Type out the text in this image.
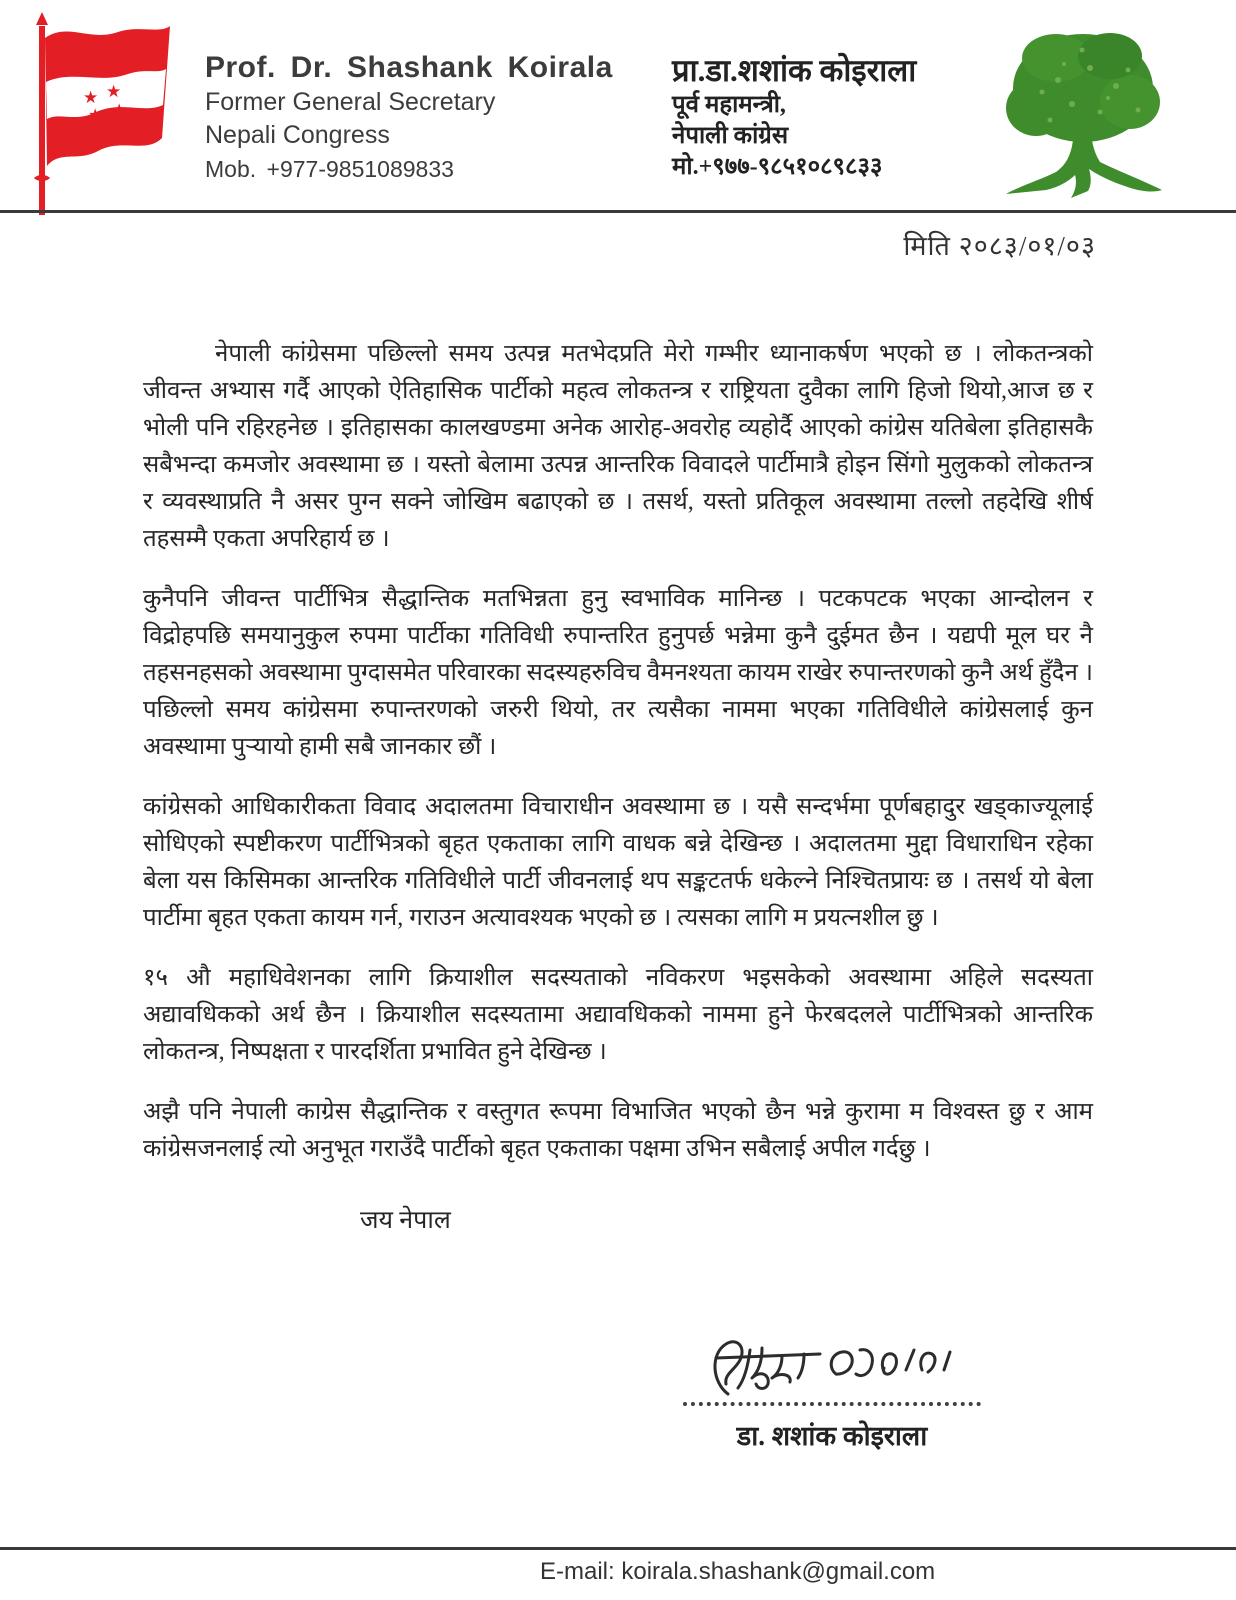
★ ★
★ ★
Prof. Dr. Shashank Koirala
Former General Secretary
Nepali Congress
Mob. +977-9851089833
प्रा.डा.शशांक कोइराला
पूर्व महामन्त्री,
नेपाली कांग्रेस
मो.+९७७-९८५१०८९८३३
मिति २०८३/०१/०३

नेपाली कांग्रेसमा पछिल्लो समय उत्पन्न मतभेदप्रति मेरो गम्भीर ध्यानाकर्षण भएको छ । लोकतन्त्रको जीवन्त अभ्यास गर्दै आएको ऐतिहासिक पार्टीको महत्व लोकतन्त्र र राष्ट्रियता दुवैका लागि हिजो थियो,आज छ र भोली पनि रहिरहनेछ । इतिहासका कालखण्डमा अनेक आरोह-अवरोह व्यहोर्दै आएको कांग्रेस यतिबेला इतिहासकै सबैभन्दा कमजोर अवस्थामा छ । यस्तो बेलामा उत्पन्न आन्तरिक विवादले पार्टीमात्रै होइन सिंगो मुलुकको लोकतन्त्र र व्यवस्थाप्रति नै असर पुग्न सक्ने जोखिम बढाएको छ । तसर्थ, यस्तो प्रतिकूल अवस्थामा तल्लो तहदेखि शीर्ष तहसम्मै एकता अपरिहार्य छ ।

कुनैपनि जीवन्त पार्टीभित्र सैद्धान्तिक मतभिन्नता हुनु स्वभाविक मानिन्छ । पटकपटक भएका आन्दोलन र विद्रोहपछि समयानुकुल रुपमा पार्टीका गतिविधी रुपान्तरित हुनुपर्छ भन्नेमा कुनै दुईमत छैन । यद्यपी मूल घर नै तहसनहसको अवस्थामा पुग्दासमेत परिवारका सदस्यहरुविच वैमनश्यता कायम राखेर रुपान्तरणको कुनै अर्थ हुँदैन । पछिल्लो समय कांग्रेसमा रुपान्तरणको जरुरी थियो, तर त्यसैका नाममा भएका गतिविधीले कांग्रेसलाई कुन अवस्थामा पुऱ्यायो हामी सबै जानकार छौं ।

कांग्रेसको आधिकारीकता विवाद अदालतमा विचाराधीन अवस्थामा छ । यसै सन्दर्भमा पूर्णबहादुर खड्काज्यूलाई सोधिएको स्पष्टीकरण पार्टीभित्रको बृहत एकताका लागि वाधक बन्ने देखिन्छ । अदालतमा मुद्दा विधाराधिन रहेका बेला यस किसिमका आन्तरिक गतिविधीले पार्टी जीवनलाई थप सङ्कटतर्फ धकेल्ने निश्चितप्रायः छ । तसर्थ यो बेला पार्टीमा बृहत एकता कायम गर्न, गराउन अत्यावश्यक भएको छ । त्यसका लागि म प्रयत्नशील छु ।

१५ औ महाधिवेशनका लागि क्रियाशील सदस्यताको नविकरण भइसकेको अवस्थामा अहिले सदस्यता अद्यावधिकको अर्थ छैन । क्रियाशील सदस्यतामा अद्यावधिकको नाममा हुने फेरबदलले पार्टीभित्रको आन्तरिक लोकतन्त्र, निष्पक्षता र पारदर्शिता प्रभावित हुने देखिन्छ ।

अझै पनि नेपाली काग्रेस सैद्धान्तिक र वस्तुगत रूपमा विभाजित भएको छैन भन्ने कुरामा म विश्वस्त छु र आम कांग्रेसजनलाई त्यो अनुभूत गराउँदै पार्टीको बृहत एकताका पक्षमा उभिन सबैलाई अपील गर्दछु ।

जय नेपाल
डा. शशांक कोइराला
E-mail: koirala.shashank@gmail.com
